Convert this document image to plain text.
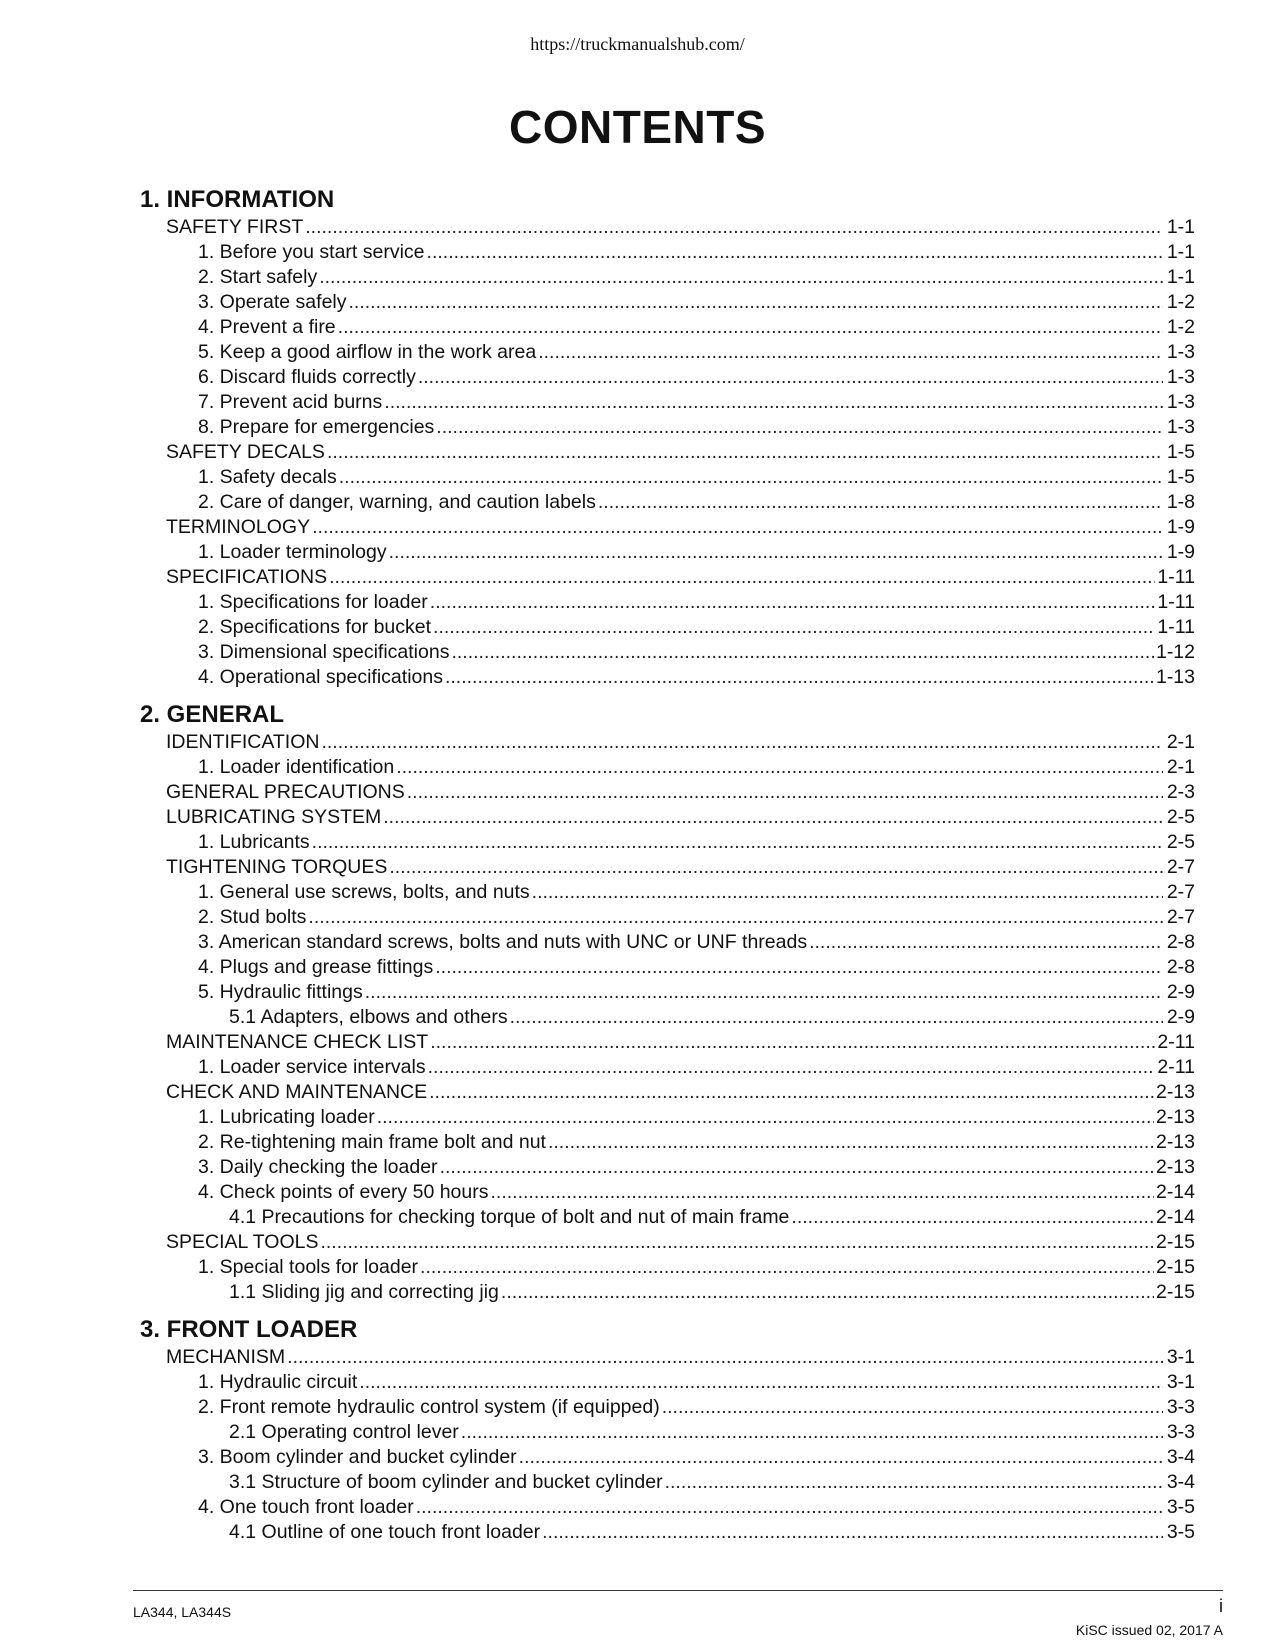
https://truckmanualshub.com/
CONTENTS
1. INFORMATION
SAFETY FIRST .....	1-1
1. Before you start service .....	1-1
2. Start safely .....	1-1
3. Operate safely .....	1-2
4. Prevent a fire .....	1-2
5. Keep a good airflow in the work area .....	1-3
6. Discard fluids correctly .....	1-3
7. Prevent acid burns .....	1-3
8. Prepare for emergencies .....	1-3
SAFETY DECALS .....	1-5
1. Safety decals .....	1-5
2. Care of danger, warning, and caution labels .....	1-8
TERMINOLOGY .....	1-9
1. Loader terminology .....	1-9
SPECIFICATIONS .....	1-11
1. Specifications for loader .....	1-11
2. Specifications for bucket .....	1-11
3. Dimensional specifications .....	1-12
4. Operational specifications .....	1-13
2. GENERAL
IDENTIFICATION .....	2-1
1. Loader identification .....	2-1
GENERAL PRECAUTIONS .....	2-3
LUBRICATING SYSTEM .....	2-5
1. Lubricants .....	2-5
TIGHTENING TORQUES .....	2-7
1. General use screws, bolts, and nuts .....	2-7
2. Stud bolts .....	2-7
3. American standard screws, bolts and nuts with UNC or UNF threads .....	2-8
4. Plugs and grease fittings .....	2-8
5. Hydraulic fittings .....	2-9
5.1 Adapters, elbows and others .....	2-9
MAINTENANCE CHECK LIST .....	2-11
1. Loader service intervals .....	2-11
CHECK AND MAINTENANCE .....	2-13
1. Lubricating loader .....	2-13
2. Re-tightening main frame bolt and nut .....	2-13
3. Daily checking the loader .....	2-13
4. Check points of every 50 hours .....	2-14
4.1 Precautions for checking torque of bolt and nut of main frame .....	2-14
SPECIAL TOOLS .....	2-15
1. Special tools for loader .....	2-15
1.1 Sliding jig and correcting jig .....	2-15
3. FRONT LOADER
MECHANISM .....	3-1
1. Hydraulic circuit .....	3-1
2. Front remote hydraulic control system (if equipped) .....	3-3
2.1 Operating control lever .....	3-3
3. Boom cylinder and bucket cylinder .....	3-4
3.1 Structure of boom cylinder and bucket cylinder .....	3-4
4. One touch front loader .....	3-5
4.1 Outline of one touch front loader .....	3-5
LA344, LA344S	i
KiSC issued 02, 2017 A
